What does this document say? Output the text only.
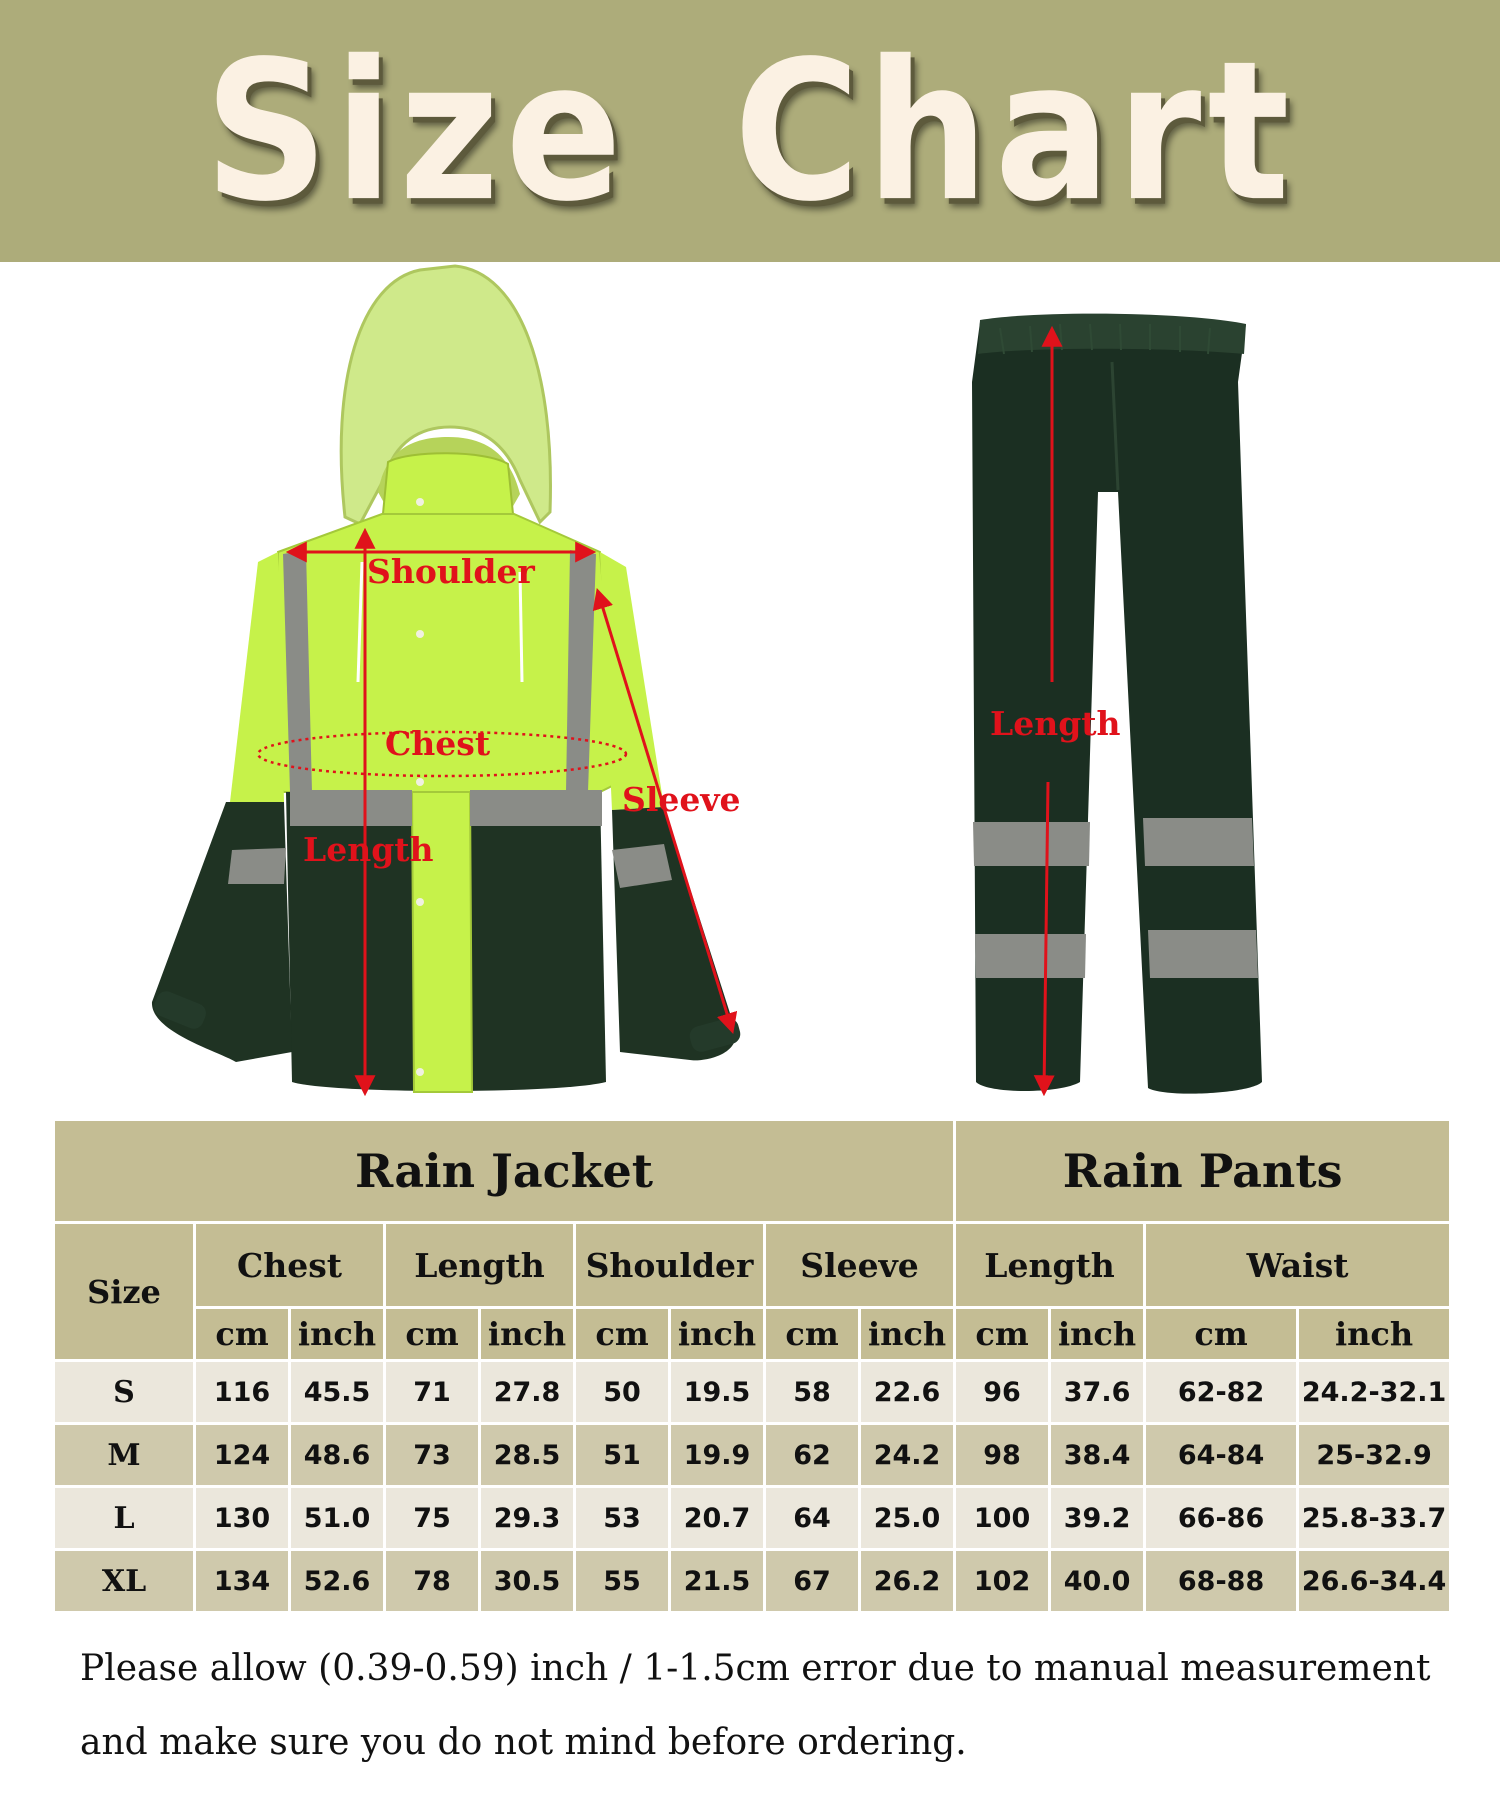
Size Chart
Shoulder
Chest
Sleeve
Length
Length
Rain Jacket									Rain Pants			
Size	Chest		Length		Shoulder		Sleeve		Length		Waist	
	cm	inch	cm	inch	cm	inch	cm	inch	cm	inch	cm	inch
S	116	45.5	71	27.8	50	19.5	58	22.6	96	37.6	62-82	24.2-32.1
M	124	48.6	73	28.5	51	19.9	62	24.2	98	38.4	64-84	25-32.9
L	130	51.0	75	29.3	53	20.7	64	25.0	100	39.2	66-86	25.8-33.7
XL	134	52.6	78	30.5	55	21.5	67	26.2	102	40.0	68-88	26.6-34.4
Please allow (0.39-0.59) inch / 1-1.5cm error due to manual measurement
and make sure you do not mind before ordering.
